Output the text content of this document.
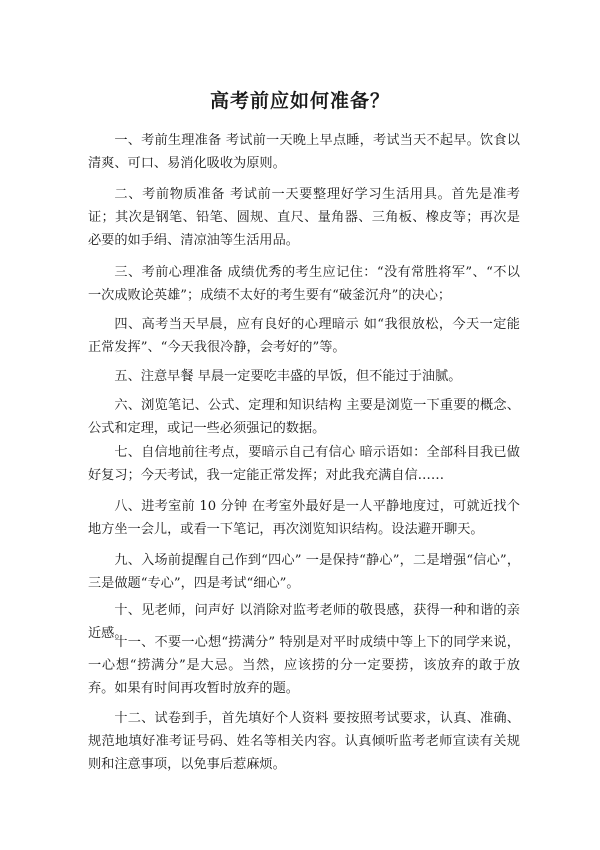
高考前应如何准备？

一、考前生理准备 考试前一天晚上早点睡，考试当天不起早。饮食以清爽、可口、易消化吸收为原则。

二、考前物质准备 考试前一天要整理好学习生活用具。首先是准考证；其次是钢笔、铅笔、圆规、直尺、量角器、三角板、橡皮等；再次是必要的如手绢、清凉油等生活用品。

三、考前心理准备 成绩优秀的考生应记住：“没有常胜将军”、“不以一次成败论英雄”；成绩不太好的考生要有“破釜沉舟”的决心；

四、高考当天早晨，应有良好的心理暗示 如“我很放松，今天一定能正常发挥”、“今天我很冷静，会考好的”等。

五、注意早餐 早晨一定要吃丰盛的早饭，但不能过于油腻。

六、浏览笔记、公式、定理和知识结构 主要是浏览一下重要的概念、公式和定理，或记一些必须强记的数据。

七、自信地前往考点，要暗示自己有信心 暗示语如：全部科目我已做好复习；今天考试，我一定能正常发挥；对此我充满自信……

八、进考室前 10 分钟 在考室外最好是一人平静地度过，可就近找个地方坐一会儿，或看一下笔记，再次浏览知识结构。设法避开聊天。

九、入场前提醒自己作到“四心” 一是保持“静心”，二是增强“信心”，三是做题“专心”，四是考试“细心”。

十、见老师，问声好 以消除对监考老师的敬畏感，获得一种和谐的亲近感。

十一、不要一心想“捞满分” 特别是对平时成绩中等上下的同学来说，一心想“捞满分”是大忌。当然，应该捞的分一定要捞，该放弃的敢于放弃。如果有时间再攻暂时放弃的题。

十二、试卷到手，首先填好个人资料 要按照考试要求，认真、准确、规范地填好准考证号码、姓名等相关内容。认真倾听监考老师宣读有关规则和注意事项，以免事后惹麻烦。
